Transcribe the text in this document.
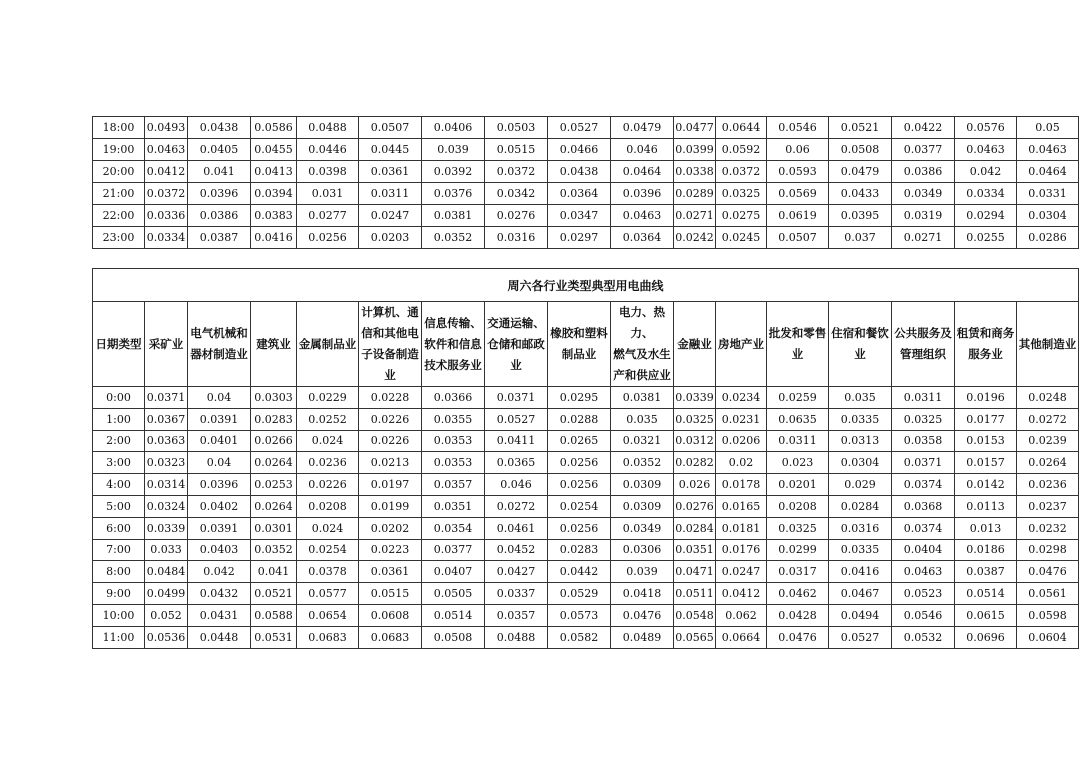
18:00	0.0493	0.0438	0.0586	0.0488	0.0507	0.0406	0.0503	0.0527	0.0479	0.0477	0.0644	0.0546	0.0521	0.0422	0.0576	0.05
19:00	0.0463	0.0405	0.0455	0.0446	0.0445	0.039	0.0515	0.0466	0.046	0.0399	0.0592	0.06	0.0508	0.0377	0.0463	0.0463
20:00	0.0412	0.041	0.0413	0.0398	0.0361	0.0392	0.0372	0.0438	0.0464	0.0338	0.0372	0.0593	0.0479	0.0386	0.042	0.0464
21:00	0.0372	0.0396	0.0394	0.031	0.0311	0.0376	0.0342	0.0364	0.0396	0.0289	0.0325	0.0569	0.0433	0.0349	0.0334	0.0331
22:00	0.0336	0.0386	0.0383	0.0277	0.0247	0.0381	0.0276	0.0347	0.0463	0.0271	0.0275	0.0619	0.0395	0.0319	0.0294	0.0304
23:00	0.0334	0.0387	0.0416	0.0256	0.0203	0.0352	0.0316	0.0297	0.0364	0.0242	0.0245	0.0507	0.037	0.0271	0.0255	0.0286
周六各行业类型典型用电曲线																

日期类型	采矿业	电气机械和
器材制造业	建筑业	金属制品业	计算机、通
信和其他电
子设备制造
业	信息传输、
软件和信息
技术服务业	交通运输、
仓储和邮政
业	橡胶和塑料
制品业	电力、热力、
燃气及水生
产和供应业	金融业	房地产业	批发和零售
业	住宿和餐饮
业	公共服务及
管理组织	租赁和商务
服务业	其他制造业

0:00	0.0371	0.04	0.0303	0.0229	0.0228	0.0366	0.0371	0.0295	0.0381	0.0339	0.0234	0.0259	0.035	0.0311	0.0196	0.0248
1:00	0.0367	0.0391	0.0283	0.0252	0.0226	0.0355	0.0527	0.0288	0.035	0.0325	0.0231	0.0635	0.0335	0.0325	0.0177	0.0272
2:00	0.0363	0.0401	0.0266	0.024	0.0226	0.0353	0.0411	0.0265	0.0321	0.0312	0.0206	0.0311	0.0313	0.0358	0.0153	0.0239
3:00	0.0323	0.04	0.0264	0.0236	0.0213	0.0353	0.0365	0.0256	0.0352	0.0282	0.02	0.023	0.0304	0.0371	0.0157	0.0264
4:00	0.0314	0.0396	0.0253	0.0226	0.0197	0.0357	0.046	0.0256	0.0309	0.026	0.0178	0.0201	0.029	0.0374	0.0142	0.0236
5:00	0.0324	0.0402	0.0264	0.0208	0.0199	0.0351	0.0272	0.0254	0.0309	0.0276	0.0165	0.0208	0.0284	0.0368	0.0113	0.0237
6:00	0.0339	0.0391	0.0301	0.024	0.0202	0.0354	0.0461	0.0256	0.0349	0.0284	0.0181	0.0325	0.0316	0.0374	0.013	0.0232
7:00	0.033	0.0403	0.0352	0.0254	0.0223	0.0377	0.0452	0.0283	0.0306	0.0351	0.0176	0.0299	0.0335	0.0404	0.0186	0.0298
8:00	0.0484	0.042	0.041	0.0378	0.0361	0.0407	0.0427	0.0442	0.039	0.0471	0.0247	0.0317	0.0416	0.0463	0.0387	0.0476
9:00	0.0499	0.0432	0.0521	0.0577	0.0515	0.0505	0.0337	0.0529	0.0418	0.0511	0.0412	0.0462	0.0467	0.0523	0.0514	0.0561
10:00	0.052	0.0431	0.0588	0.0654	0.0608	0.0514	0.0357	0.0573	0.0476	0.0548	0.062	0.0428	0.0494	0.0546	0.0615	0.0598
11:00	0.0536	0.0448	0.0531	0.0683	0.0683	0.0508	0.0488	0.0582	0.0489	0.0565	0.0664	0.0476	0.0527	0.0532	0.0696	0.0604
